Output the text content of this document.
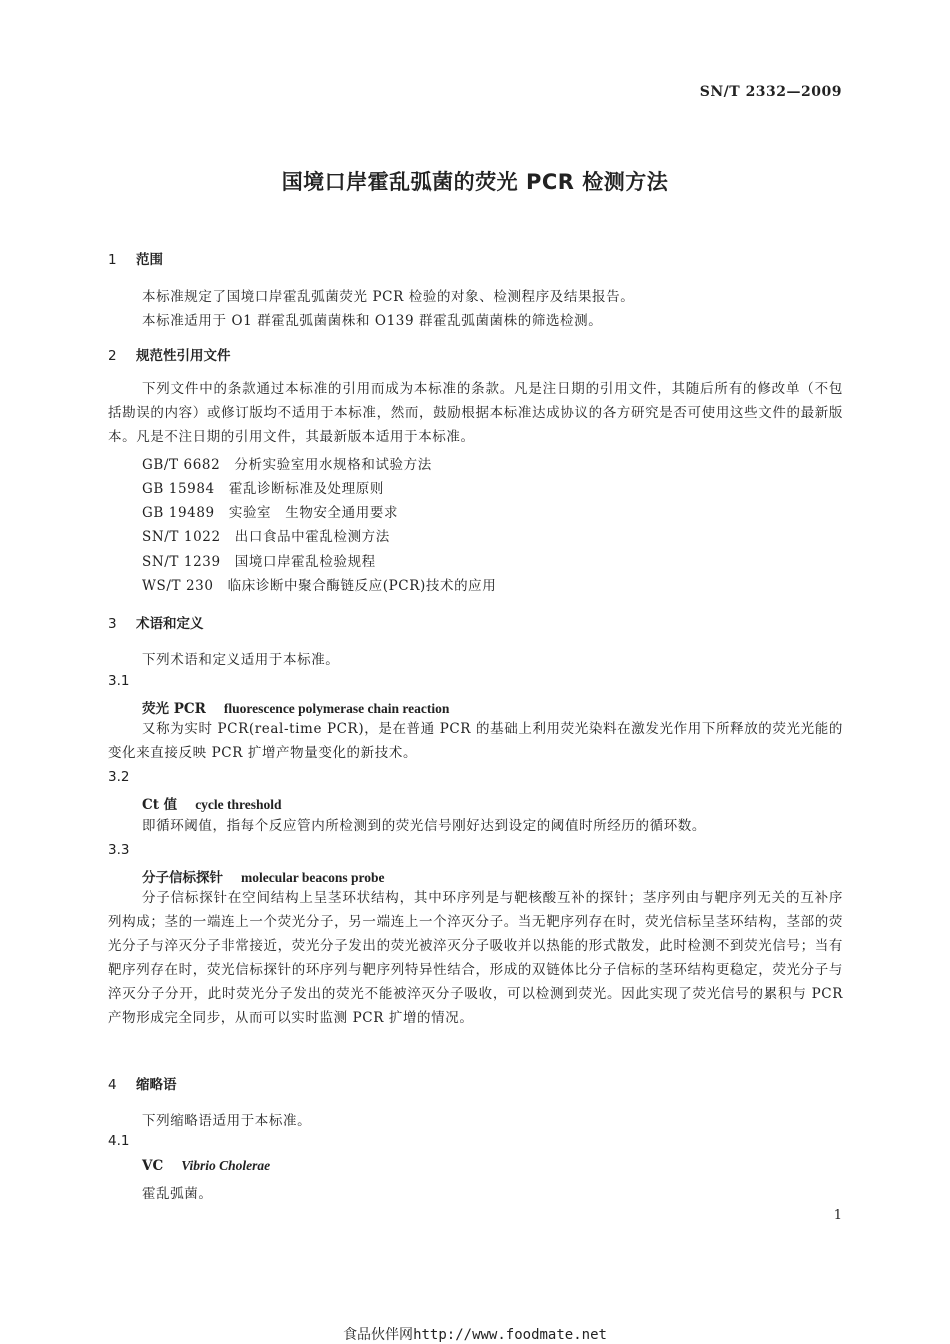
SN/T 2332—2009
国境口岸霍乱弧菌的荧光 PCR 检测方法
1 范围
本标准规定了国境口岸霍乱弧菌荧光 PCR 检验的对象、检测程序及结果报告。
本标准适用于 O1 群霍乱弧菌菌株和 O139 群霍乱弧菌菌株的筛选检测。
2 规范性引用文件
下列文件中的条款通过本标准的引用而成为本标准的条款。凡是注日期的引用文件，其随后所有的修改单（不包括勘误的内容）或修订版均不适用于本标准，然而，鼓励根据本标准达成协议的各方研究是否可使用这些文件的最新版本。凡是不注日期的引用文件，其最新版本适用于本标准。
GB/T 6682　 分析实验室用水规格和试验方法
GB 15984　 霍乱诊断标准及处理原则
GB 19489　 实验室　生物安全通用要求
SN/T 1022　 出口食品中霍乱检测方法
SN/T 1239　 国境口岸霍乱检验规程
WS/T 230　 临床诊断中聚合酶链反应(PCR)技术的应用
3 术语和定义
下列术语和定义适用于本标准。
3.1
荧光 PCR fluorescence polymerase chain reaction
又称为实时 PCR(real-time PCR)，是在普通 PCR 的基础上利用荧光染料在激发光作用下所释放的荧光光能的变化来直接反映 PCR 扩增产物量变化的新技术。
3.2
Ct 值 cycle threshold
即循环阈值，指每个反应管内所检测到的荧光信号刚好达到设定的阈值时所经历的循环数。
3.3
分子信标探针 molecular beacons probe
分子信标探针在空间结构上呈茎环状结构，其中环序列是与靶核酸互补的探针；茎序列由与靶序列无关的互补序列构成；茎的一端连上一个荧光分子，另一端连上一个淬灭分子。当无靶序列存在时，荧光信标呈茎环结构，茎部的荧光分子与淬灭分子非常接近，荧光分子发出的荧光被淬灭分子吸收并以热能的形式散发，此时检测不到荧光信号；当有靶序列存在时，荧光信标探针的环序列与靶序列特异性结合，形成的双链体比分子信标的茎环结构更稳定，荧光分子与淬灭分子分开，此时荧光分子发出的荧光不能被淬灭分子吸收，可以检测到荧光。因此实现了荧光信号的累积与 PCR 产物形成完全同步，从而可以实时监测 PCR 扩增的情况。
4 缩略语
下列缩略语适用于本标准。
4.1
VC Vibrio Cholerae
霍乱弧菌。
1
食品伙伴网http://www.foodmate.net
